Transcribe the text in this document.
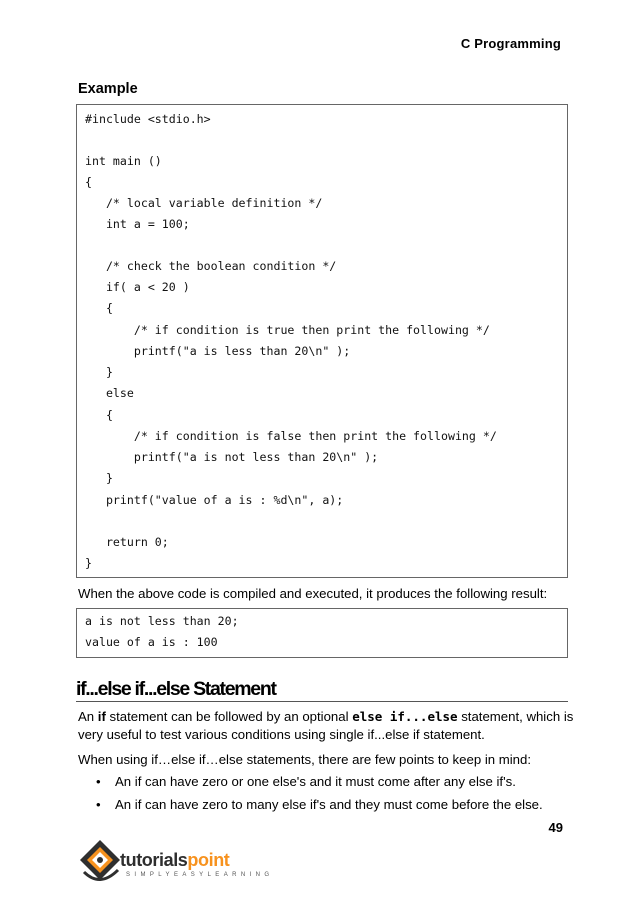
C Programming
Example
#include <stdio.h>
int main ()
{
/* local variable definition */
int a = 100;
/* check the boolean condition */
if( a < 20 )
{
/* if condition is true then print the following */
printf("a is less than 20\n" );
}
else
{
/* if condition is false then print the following */
printf("a is not less than 20\n" );
}
printf("value of a is : %d\n", a);
return 0;
}
When the above code is compiled and executed, it produces the following result:
a is not less than 20;
value of a is : 100
if...else if...else Statement
An if statement can be followed by an optional else if...else statement, which is
very useful to test various conditions using single if...else if statement.
When using if…else if…else statements, there are few points to keep in mind:
• An if can have zero or one else's and it must come after any else if's.
• An if can have zero to many else if's and they must come before the else.
49
tutorialspoint
SIMPLYEASYLEARNING
